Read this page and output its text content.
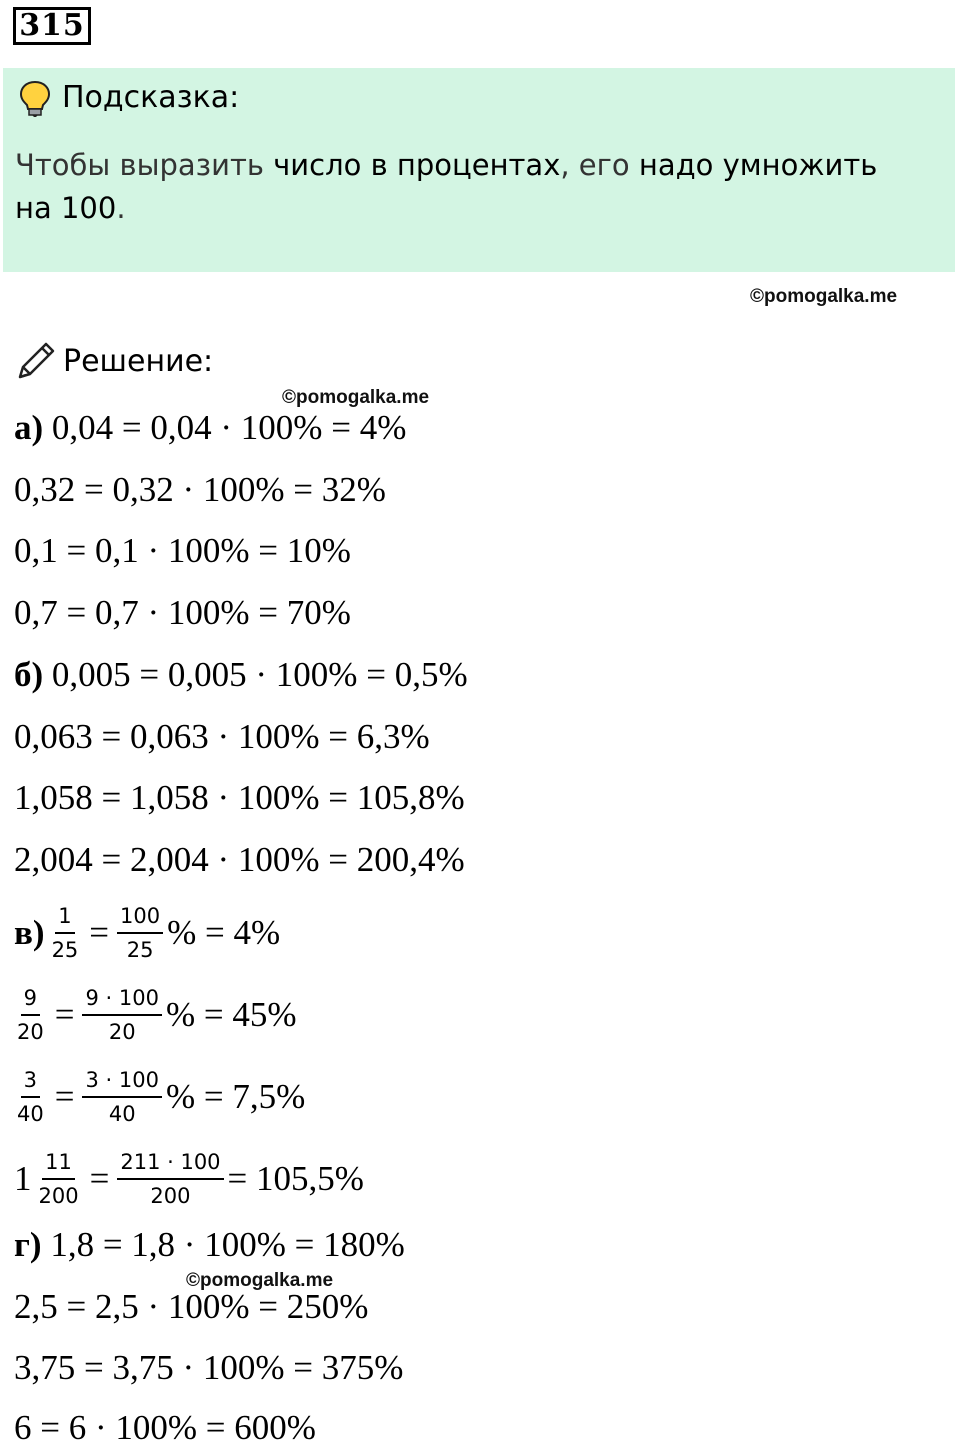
315
Подсказка:
Чтобы выразить число в процентах, его надо умножить на 100.
©pomogalka.me
Решение:
©pomogalka.me
а) 0,04 = 0,04 · 100% = 4%
0,32 = 0,32 · 100% = 32%
0,1 = 0,1 · 100% = 10%
0,7 = 0,7 · 100% = 70%
б) 0,005 = 0,005 · 100% = 0,5%
0,063 = 0,063 · 100% = 6,3%
1,058 = 1,058 · 100% = 105,8%
2,004 = 2,004 · 100% = 200,4%
$в) \frac{1}{25} = \frac{100}{25}$ % = 4%
$\frac{9}{20} = \frac{9 \cdot 100}{20}$ % = 45%
$\frac{3}{40} = \frac{3 \cdot 100}{40}$ % = 7,5%
$1 \frac{11}{200} = \frac{211 \cdot 100}{200} = 105,5\%$
г) 1,8 = 1,8 · 100% = 180%
©pomogalka.me
2,5 = 2,5 · 100% = 250%
3,75 = 3,75 · 100% = 375%
6 = 6 · 100% = 600%
